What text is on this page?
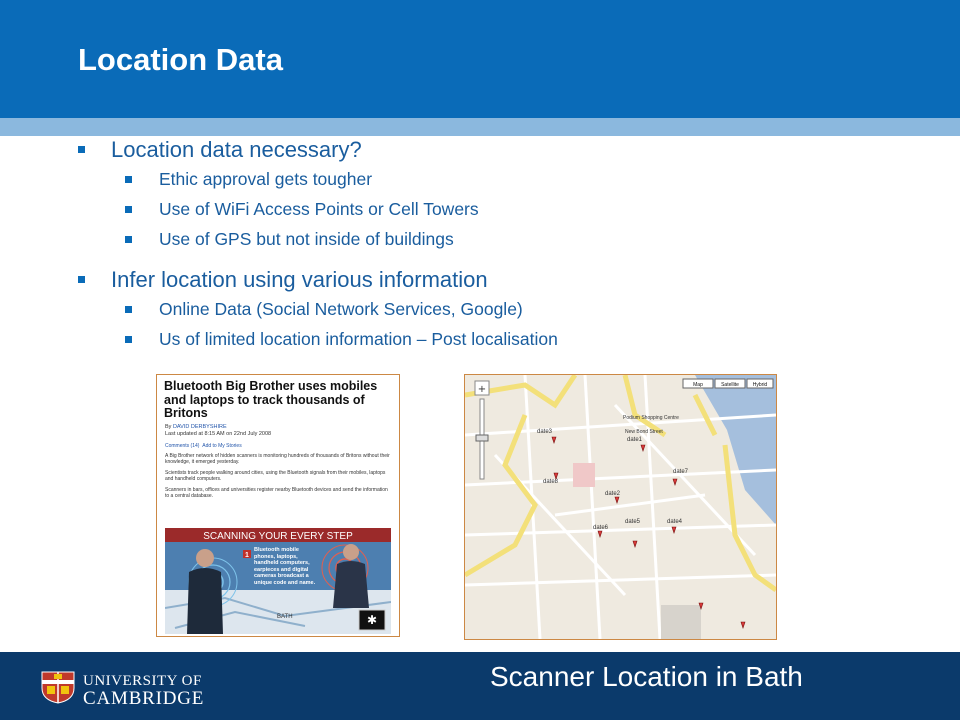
Location Data
Location data necessary?
Ethic approval gets tougher
Use of WiFi Access Points or Cell Towers
Use of GPS but not inside of buildings
Infer location using various information
Online Data (Social Network Services, Google)
Us of limited location information – Post localisation
Bluetooth Big Brother uses mobiles and laptops to track thousands of Britons
By DAVID DERBYSHIRE
Last updated at 8:15 AM on 22nd July 2008
Comments (14) Add to My Stories

A Big Brother network of hidden scanners is monitoring hundreds of thousands of Britons without their knowledge, it emerged yesterday.

Scientists track people walking around cities, using the Bluetooth signals from their mobiles, laptops and handheld computers.

Scanners in bars, offices and universities register nearby Bluetooth devices and send the information to a central database.

SCANNING YOUR EVERY STEP
1
Bluetooth mobile phones, laptops, handheld computers, earpieces and digital cameras broadcast a unique code and name.
BATH	✱
Podium Shopping Centre
New Bond Street
date3
date1
date7
date8
date2
date6
date5	date4
+	Map	Satellite	Hybrid
UNIVERSITY OF
CAMBRIDGE
Scanner Location in Bath
